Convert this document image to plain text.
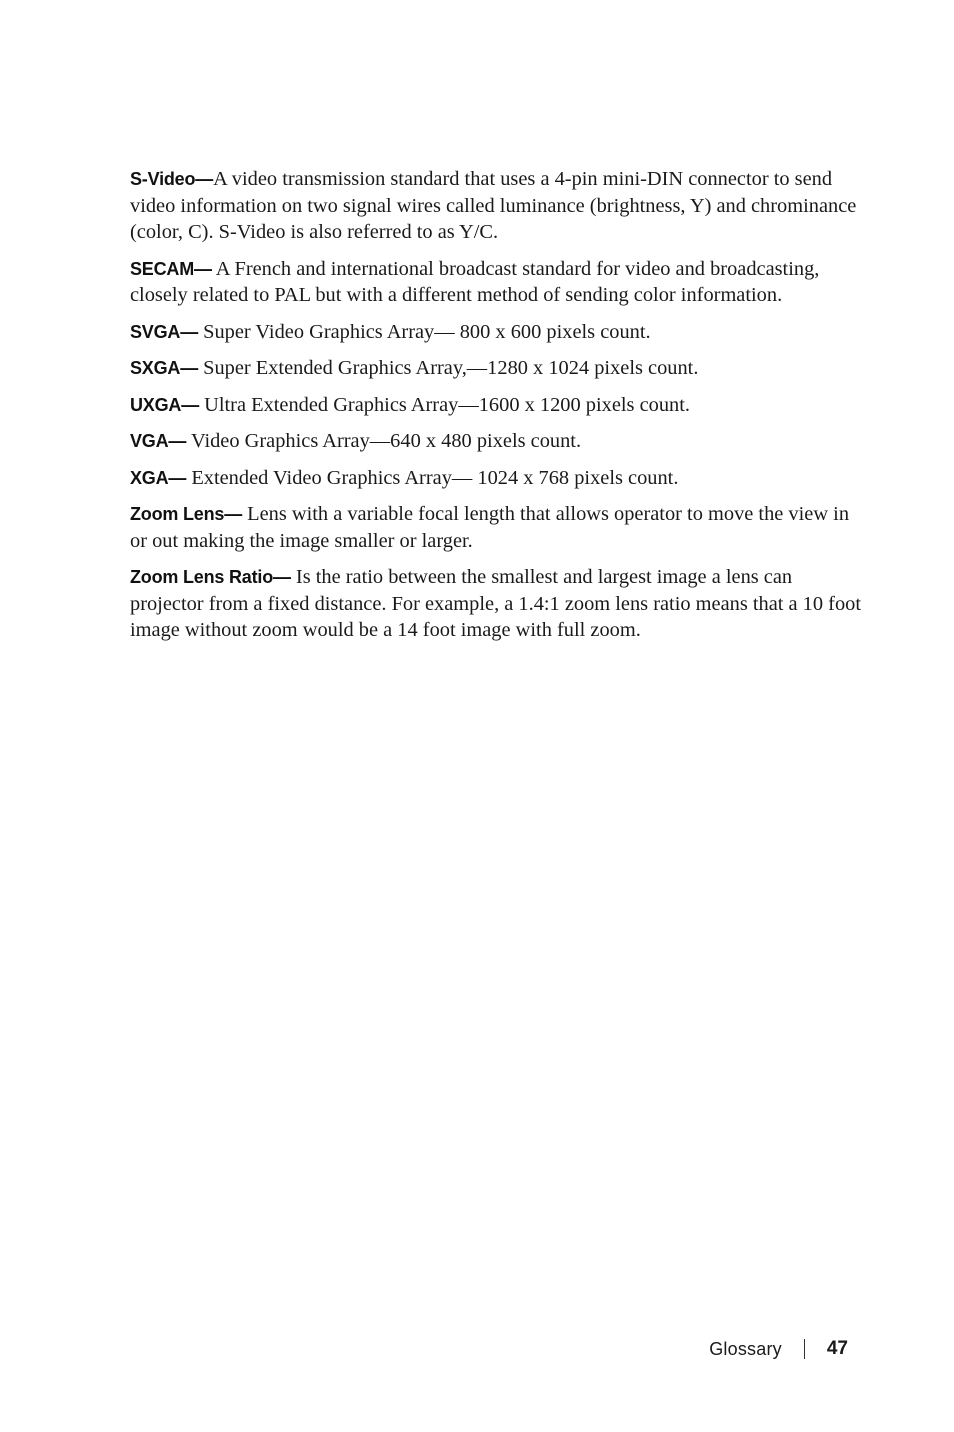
S-Video—A video transmission standard that uses a 4-pin mini-DIN connector to send video information on two signal wires called luminance (brightness, Y) and chrominance (color, C). S-Video is also referred to as Y/C.

SECAM— A French and international broadcast standard for video and broadcasting, closely related to PAL but with a different method of sending color information.

SVGA— Super Video Graphics Array— 800 x 600 pixels count.

SXGA— Super Extended Graphics Array,—1280 x 1024 pixels count.

UXGA— Ultra Extended Graphics Array—1600 x 1200 pixels count.

VGA— Video Graphics Array—640 x 480 pixels count.

XGA— Extended Video Graphics Array— 1024 x 768 pixels count.

Zoom Lens— Lens with a variable focal length that allows operator to move the view in or out making the image smaller or larger.

Zoom Lens Ratio— Is the ratio between the smallest and largest image a lens can projector from a fixed distance. For example, a 1.4:1 zoom lens ratio means that a 10 foot image without zoom would be a 14 foot image with full zoom.

Glossary 47
